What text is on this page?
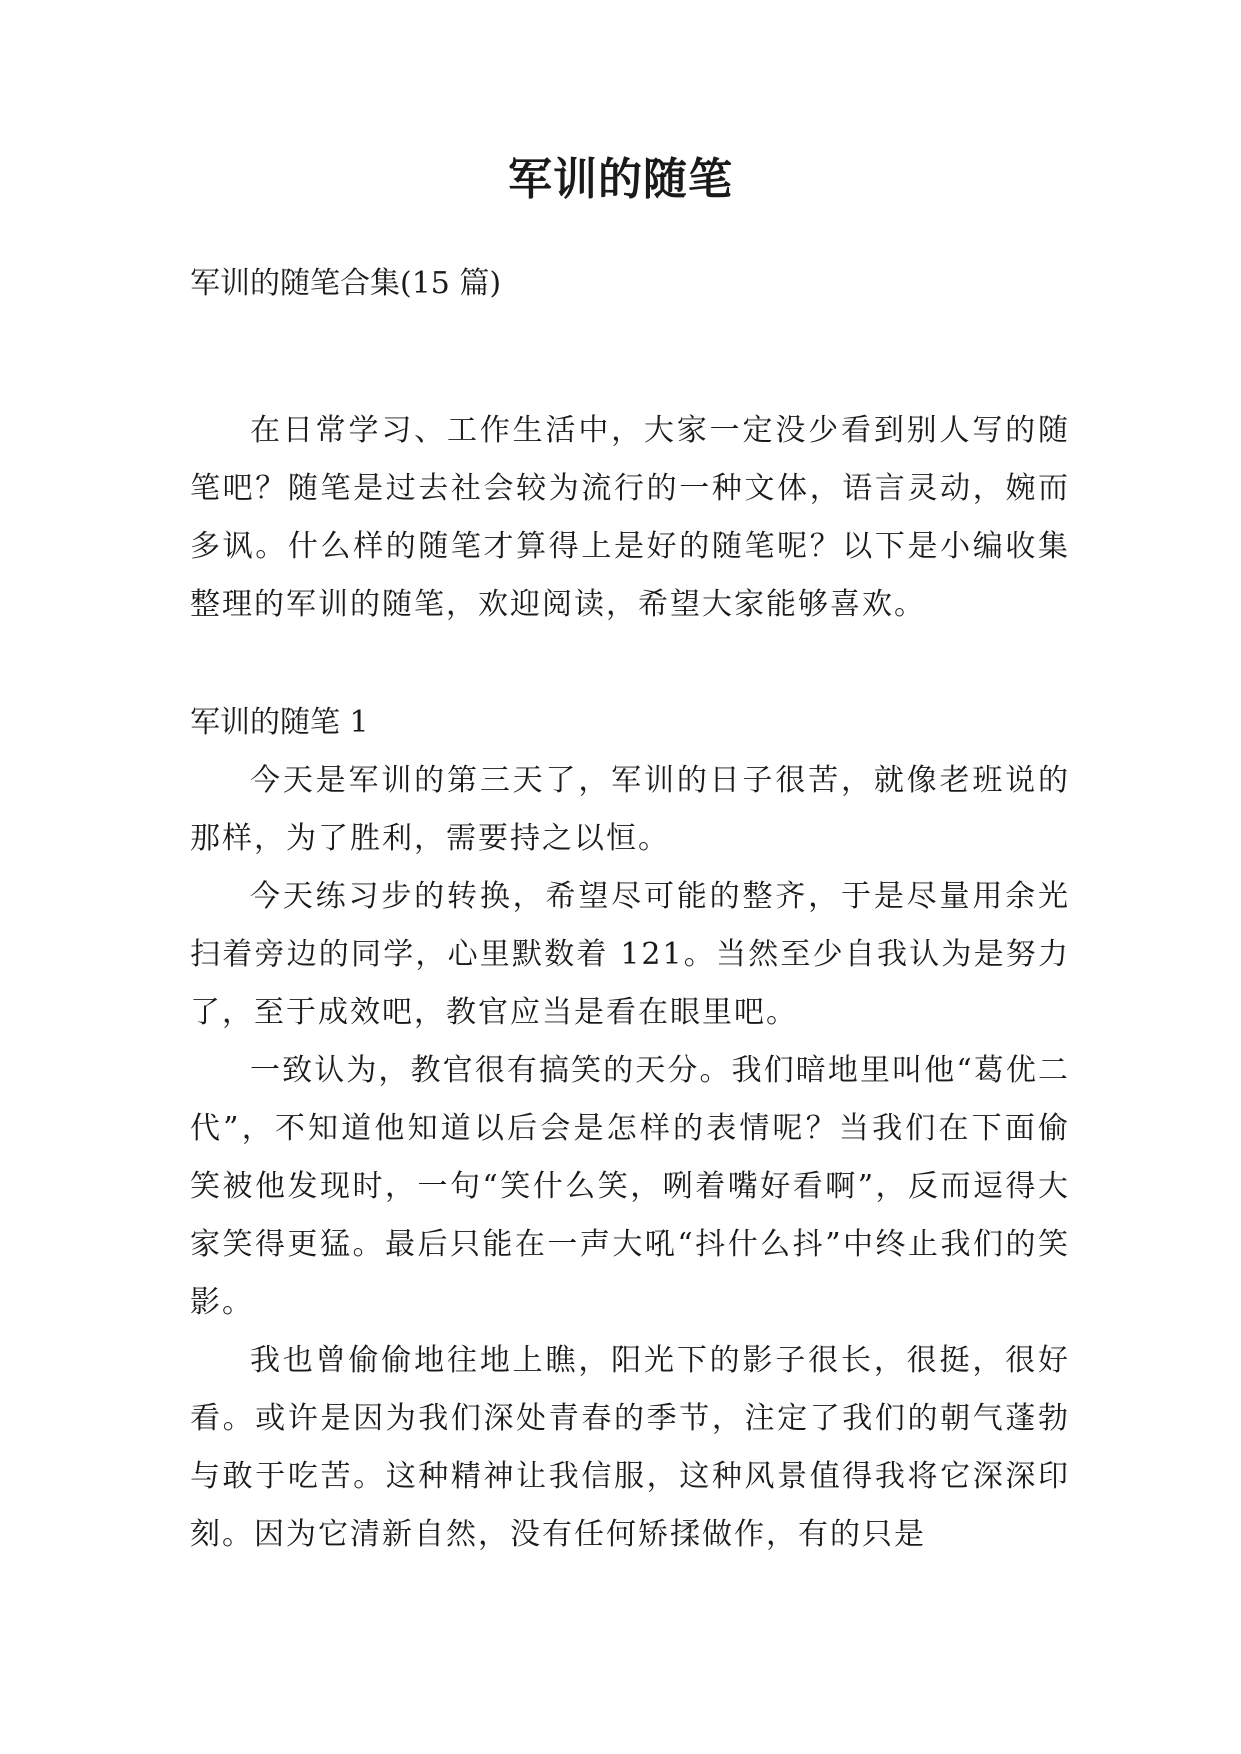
军训的随笔

军训的随笔合集(15 篇)

在日常学习、工作生活中，大家一定没少看到别人写的随笔吧？随笔是过去社会较为流行的一种文体，语言灵动，婉而多讽。什么样的随笔才算得上是好的随笔呢？以下是小编收集整理的军训的随笔，欢迎阅读，希望大家能够喜欢。

军训的随笔 1

今天是军训的第三天了，军训的日子很苦，就像老班说的那样，为了胜利，需要持之以恒。

今天练习步的转换，希望尽可能的整齐，于是尽量用余光扫着旁边的同学，心里默数着 121。当然至少自我认为是努力了，至于成效吧，教官应当是看在眼里吧。

一致认为，教官很有搞笑的天分。我们暗地里叫他“葛优二代”，不知道他知道以后会是怎样的表情呢？当我们在下面偷笑被他发现时，一句“笑什么笑，咧着嘴好看啊”，反而逗得大家笑得更猛。最后只能在一声大吼“抖什么抖”中终止我们的笑影。

我也曾偷偷地往地上瞧，阳光下的影子很长，很挺，很好看。或许是因为我们深处青春的季节，注定了我们的朝气蓬勃与敢于吃苦。这种精神让我信服，这种风景值得我将它深深印刻。因为它清新自然，没有任何矫揉做作，有的只是
